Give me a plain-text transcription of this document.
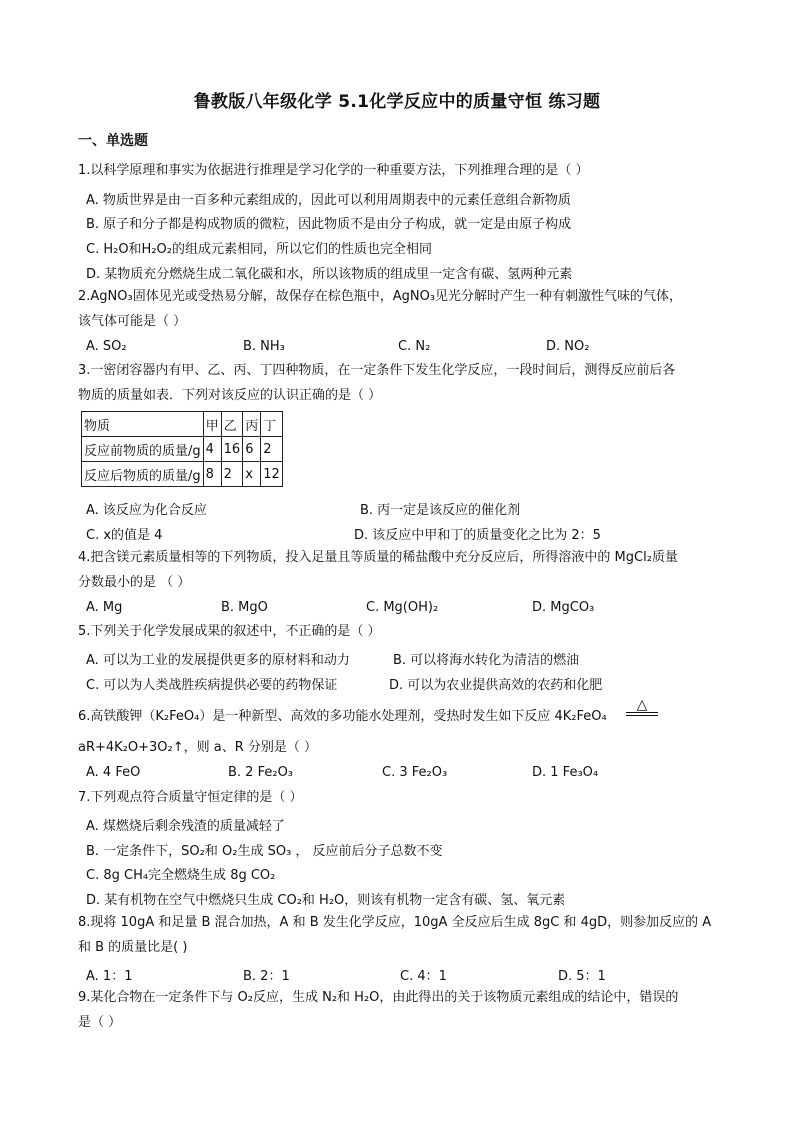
鲁教版八年级化学 5.1化学反应中的质量守恒 练习题
一、单选题
1.以科学原理和事实为依据进行推理是学习化学的一种重要方法，下列推理合理的是（ ）
A. 物质世界是由一百多种元素组成的，因此可以利用周期表中的元素任意组合新物质
B. 原子和分子都是构成物质的微粒，因此物质不是由分子构成，就一定是由原子构成
C. H₂O和H₂O₂的组成元素相同，所以它们的性质也完全相同
D. 某物质充分燃烧生成二氧化碳和水，所以该物质的组成里一定含有碳、氢两种元素
2.AgNO₃固体见光或受热易分解，故保存在棕色瓶中，AgNO₃见光分解时产生一种有刺激性气味的气体，
该气体可能是（ ）
A. SO₂	B. NH₃	C. N₂	D. NO₂
3.一密闭容器内有甲、乙、丙、丁四种物质，在一定条件下发生化学反应，一段时间后，测得反应前后各
物质的质量如表．下列对该反应的认识正确的是（ ）
物质	甲	乙	丙	丁
反应前物质的质量/g	4	16	6	2
反应后物质的质量/g	8	2	x	12
A. 该反应为化合反应	B. 丙一定是该反应的催化剂
C. x的值是 4	D. 该反应中甲和丁的质量变化之比为 2：5
4.把含镁元素质量相等的下列物质，投入足量且等质量的稀盐酸中充分反应后，所得溶液中的 MgCl₂质量
分数最小的是 （ ）
A. Mg	B. MgO	C. Mg(OH)₂	D. MgCO₃
5.下列关于化学发展成果的叙述中，不正确的是（ ）
A. 可以为工业的发展提供更多的原材料和动力	B. 可以将海水转化为清洁的燃油
C. 可以为人类战胜疾病提供必要的药物保证	D. 可以为农业提供高效的农药和化肥
6.高铁酸钾（K₂FeO₄）是一种新型、高效的多功能水处理剂，受热时发生如下反应 4K₂FeO₄
△
aR+4K₂O+3O₂↑，则 a、R 分别是（ ）
A. 4 FeO	B. 2 Fe₂O₃	C. 3 Fe₂O₃	D. 1 Fe₃O₄
7.下列观点符合质量守恒定律的是（ ）
A. 煤燃烧后剩余残渣的质量减轻了
B. 一定条件下，SO₂和 O₂生成 SO₃ ， 反应前后分子总数不变
C. 8g CH₄完全燃烧生成 8g CO₂
D. 某有机物在空气中燃烧只生成 CO₂和 H₂O，则该有机物一定含有碳、氢、氧元素
8.现将 10gA 和足量 B 混合加热，A 和 B 发生化学反应，10gA 全反应后生成 8gC 和 4gD，则参加反应的 A
和 B 的质量比是( )
A. 1：1	B. 2：1	C. 4：1	D. 5：1
9.某化合物在一定条件下与 O₂反应，生成 N₂和 H₂O，由此得出的关于该物质元素组成的结论中，错误的
是（ ）
